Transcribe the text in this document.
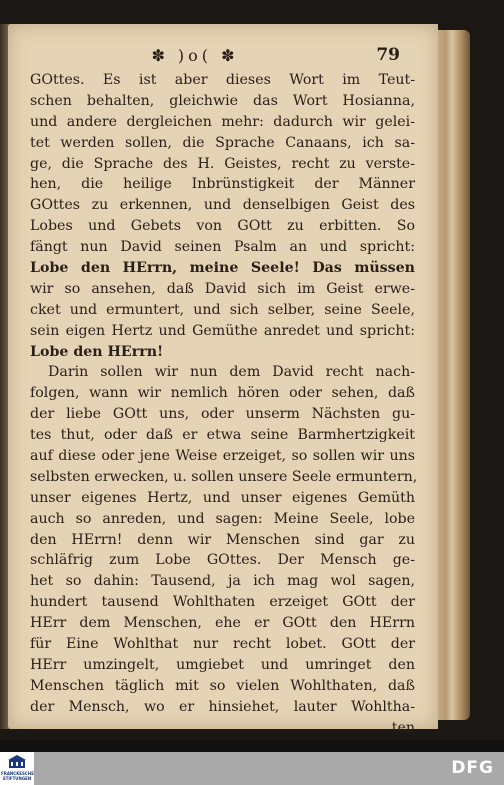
✽ )o( ✽	79
GOttes. Es ist aber dieses Wort im Teut-
schen behalten, gleichwie das Wort Hosianna,
und andere dergleichen mehr: dadurch wir gelei-
tet werden sollen, die Sprache Canaans, ich sa-
ge, die Sprache des H. Geistes, recht zu verste-
hen, die heilige Inbrünstigkeit der Männer
GOttes zu erkennen, und denselbigen Geist des
Lobes und Gebets von GOtt zu erbitten. So
fängt nun David seinen Psalm an und spricht:
Lobe den HErrn, meine Seele! Das müssen
wir so ansehen, daß David sich im Geist erwe-
cket und ermuntert, und sich selber, seine Seele,
sein eigen Hertz und Gemüthe anredet und spricht:
Lobe den HErrn!
Darin sollen wir nun dem David recht nach-
folgen, wann wir nemlich hören oder sehen, daß
der liebe GOtt uns, oder unserm Nächsten gu-
tes thut, oder daß er etwa seine Barmhertzigkeit
auf diese oder jene Weise erzeiget, so sollen wir uns
selbsten erwecken, u. sollen unsere Seele ermuntern,
unser eigenes Hertz, und unser eigenes Gemüth
auch so anreden, und sagen: Meine Seele, lobe
den HErrn! denn wir Menschen sind gar zu
schläfrig zum Lobe GOttes. Der Mensch ge-
het so dahin: Tausend, ja ich mag wol sagen,
hundert tausend Wohlthaten erzeiget GOtt der
HErr dem Menschen, ehe er GOtt den HErrn
für Eine Wohlthat nur recht lobet. GOtt der
HErr umzingelt, umgiebet und umringet den
Menschen täglich mit so vielen Wohlthaten, daß
der Mensch, wo er hinsiehet, lauter Wohltha-
ten
FRANCKESCHE STIFTUNGEN
DFG
